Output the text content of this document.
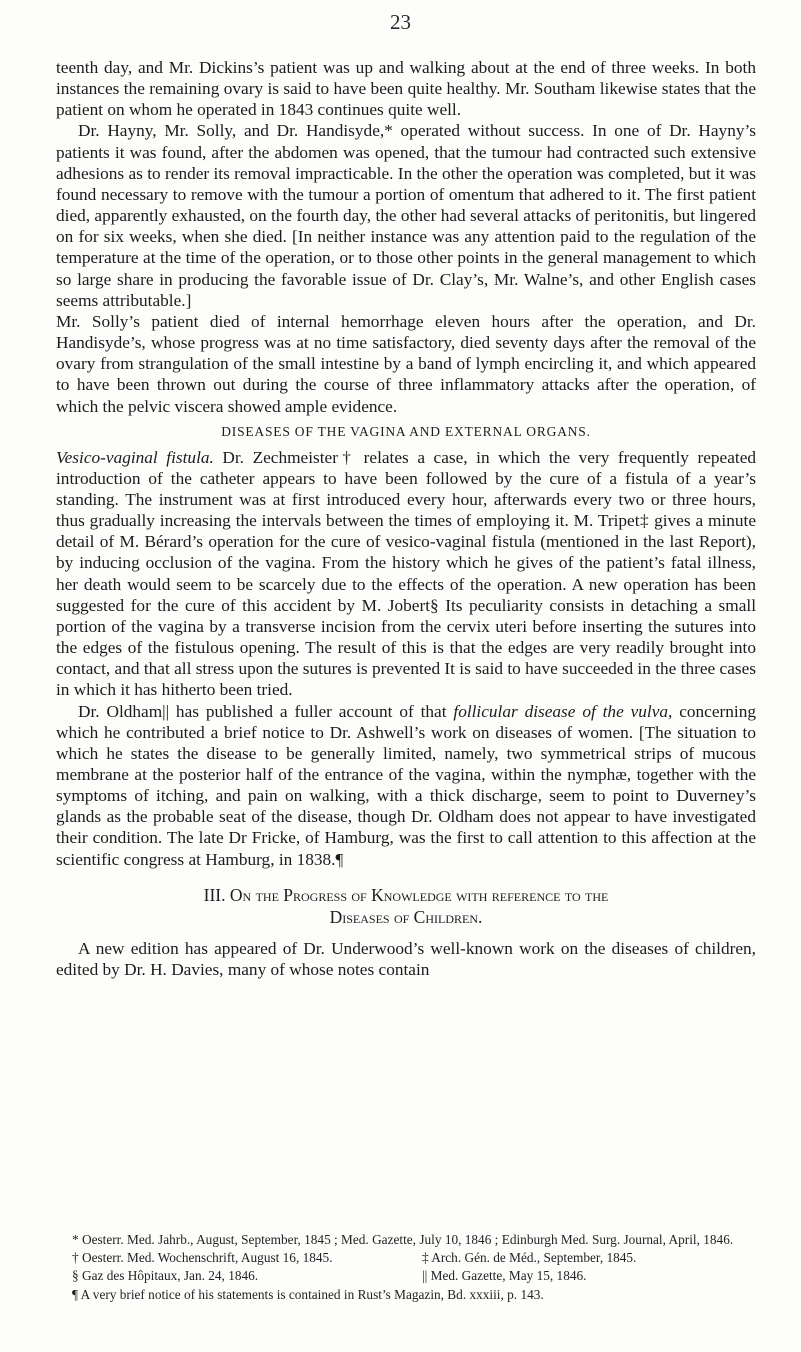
23

teenth day, and Mr. Dickins’s patient was up and walking about at the end of three weeks. In both instances the remaining ovary is said to have been quite healthy. Mr. Southam likewise states that the patient on whom he operated in 1843 continues quite well.

Dr. Hayny, Mr. Solly, and Dr. Handisyde,* operated without success. In one of Dr. Hayny’s patients it was found, after the abdomen was opened, that the tumour had contracted such extensive adhesions as to render its removal impracticable. In the other the operation was completed, but it was found necessary to remove with the tumour a portion of omentum that adhered to it. The first patient died, apparently exhausted, on the fourth day, the other had several attacks of peritonitis, but lingered on for six weeks, when she died. [In neither instance was any attention paid to the regulation of the temperature at the time of the operation, or to those other points in the general management to which so large share in producing the favorable issue of Dr. Clay’s, Mr. Walne’s, and other English cases seems attributable.]

Mr. Solly’s patient died of internal hemorrhage eleven hours after the operation, and Dr. Handisyde’s, whose progress was at no time satisfactory, died seventy days after the removal of the ovary from strangulation of the small intestine by a band of lymph encircling it, and which appeared to have been thrown out during the course of three inflammatory attacks after the operation, of which the pelvic viscera showed ample evidence.

DISEASES OF THE VAGINA AND EXTERNAL ORGANS.

Vesico-vaginal fistula. Dr. Zechmeister† relates a case, in which the very frequently repeated introduction of the catheter appears to have been followed by the cure of a fistula of a year’s standing. The instrument was at first introduced every hour, afterwards every two or three hours, thus gradually increasing the intervals between the times of employing it. M. Tripet‡ gives a minute detail of M. Bérard’s operation for the cure of vesico-vaginal fistula (mentioned in the last Report), by inducing occlusion of the vagina. From the history which he gives of the patient’s fatal illness, her death would seem to be scarcely due to the effects of the operation. A new operation has been suggested for the cure of this accident by M. Jobert§ Its peculiarity consists in detaching a small portion of the vagina by a transverse incision from the cervix uteri before inserting the sutures into the edges of the fistulous opening. The result of this is that the edges are very readily brought into contact, and that all stress upon the sutures is prevented It is said to have succeeded in the three cases in which it has hitherto been tried.

Dr. Oldham|| has published a fuller account of that follicular disease of the vulva, concerning which he contributed a brief notice to Dr. Ashwell’s work on diseases of women. [The situation to which he states the disease to be generally limited, namely, two symmetrical strips of mucous membrane at the posterior half of the entrance of the vagina, within the nymphæ, together with the symptoms of itching, and pain on walking, with a thick discharge, seem to point to Duverney’s glands as the probable seat of the disease, though Dr. Oldham does not appear to have investigated their condition. The late Dr Fricke, of Hamburg, was the first to call attention to this affection at the scientific congress at Hamburg, in 1838.¶

III. On the Progress of Knowledge with reference to the
Diseases of Children.

A new edition has appeared of Dr. Underwood’s well-known work on the diseases of children, edited by Dr. H. Davies, many of whose notes contain

* Oesterr. Med. Jahrb., August, September, 1845 ; Med. Gazette, July 10, 1846 ; Edinburgh Med. Surg. Journal, April, 1846.

† Oesterr. Med. Wochenschrift, August 16, 1845.	‡ Arch. Gén. de Méd., September, 1845.
§ Gaz des Hôpitaux, Jan. 24, 1846.	|| Med. Gazette, May 15, 1846.

¶ A very brief notice of his statements is contained in Rust’s Magazin, Bd. xxxiii, p. 143.
